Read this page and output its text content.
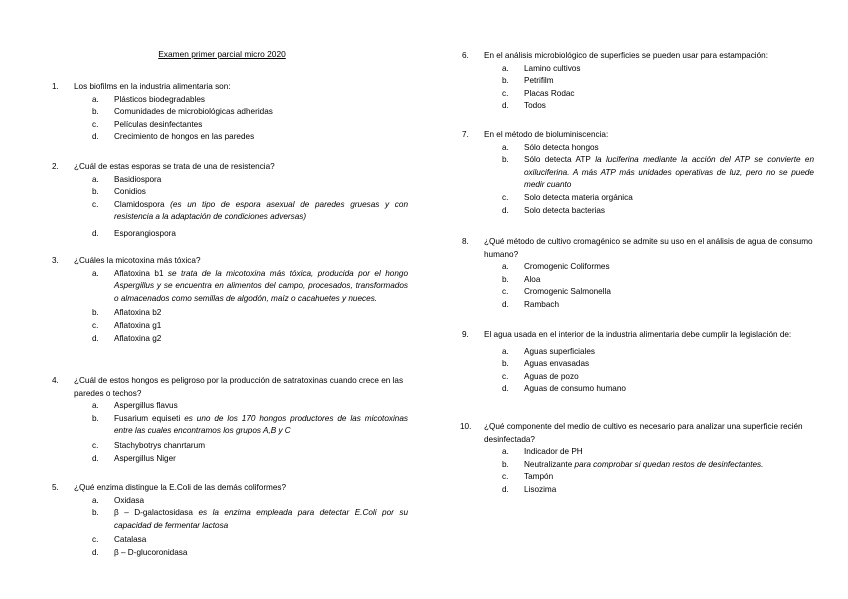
Examen primer parcial micro 2020
1. Los biofilms en la industria alimentaria son:
a. Plásticos biodegradables
b. Comunidades de microbiológicas adheridas
c. Películas desinfectantes
d. Crecimiento de hongos en las paredes
2. ¿Cuál de estas esporas se trata de una de resistencia?
a. Basidiospora
b. Conidios
c. Clamidospora (es un tipo de espora asexual de paredes gruesas y con resistencia a la adaptación de condiciones adversas)
d. Esporangiospora
3. ¿Cuáles la micotoxina más tóxica?
a. Aflatoxina b1 se trata de la micotoxina más tóxica, producida por el hongo Aspergillus y se encuentra en alimentos del campo, procesados, transformados o almacenados como semillas de algodón, maíz o cacahuetes y nueces.
b. Aflatoxina b2
c. Aflatoxina g1
d. Aflatoxina g2
4. ¿Cuál de estos hongos es peligroso por la producción de satratoxinas cuando crece en las paredes o techos?
a. Aspergillus flavus
b. Fusarium equiseti es uno de los 170 hongos productores de las micotoxinas entre las cuales encontramos los grupos A,B y C
c. Stachybotrys chanrtarum
d. Aspergillus Niger
5. ¿Qué enzima distingue la E.Coli de las demás coliformes?
a. Oxidasa
b. β – D-galactosidasa es la enzima empleada para detectar E.Coli por su capacidad de fermentar lactosa
c. Catalasa
d. β – D-glucoronidasa
6. En el análisis microbiológico de superficies se pueden usar para estampación:
a. Lamino cultivos
b. Petrifilm
c. Placas Rodac
d. Todos
7. En el método de bioluminiscencia:
a. Sólo detecta hongos
b. Sólo detecta ATP la luciferina mediante la acción del ATP se convierte en oxiluciferina. A más ATP más unidades operativas de luz, pero no se puede medir cuanto
c. Solo detecta materia orgánica
d. Solo detecta bacterias
8. ¿Qué método de cultivo cromagénico se admite su uso en el análisis de agua de consumo humano?
a. Cromogenic Coliformes
b. Aloa
c. Cromogenic Salmonella
d. Rambach
9. El agua usada en el interior de la industria alimentaria debe cumplir la legislación de:
a. Aguas superficiales
b. Aguas envasadas
c. Aguas de pozo
d. Aguas de consumo humano
10. ¿Qué componente del medio de cultivo es necesario para analizar una superficie recién desinfectada?
a. Indicador de PH
b. Neutralizante para comprobar si quedan restos de desinfectantes.
c. Tampón
d. Lisozima
